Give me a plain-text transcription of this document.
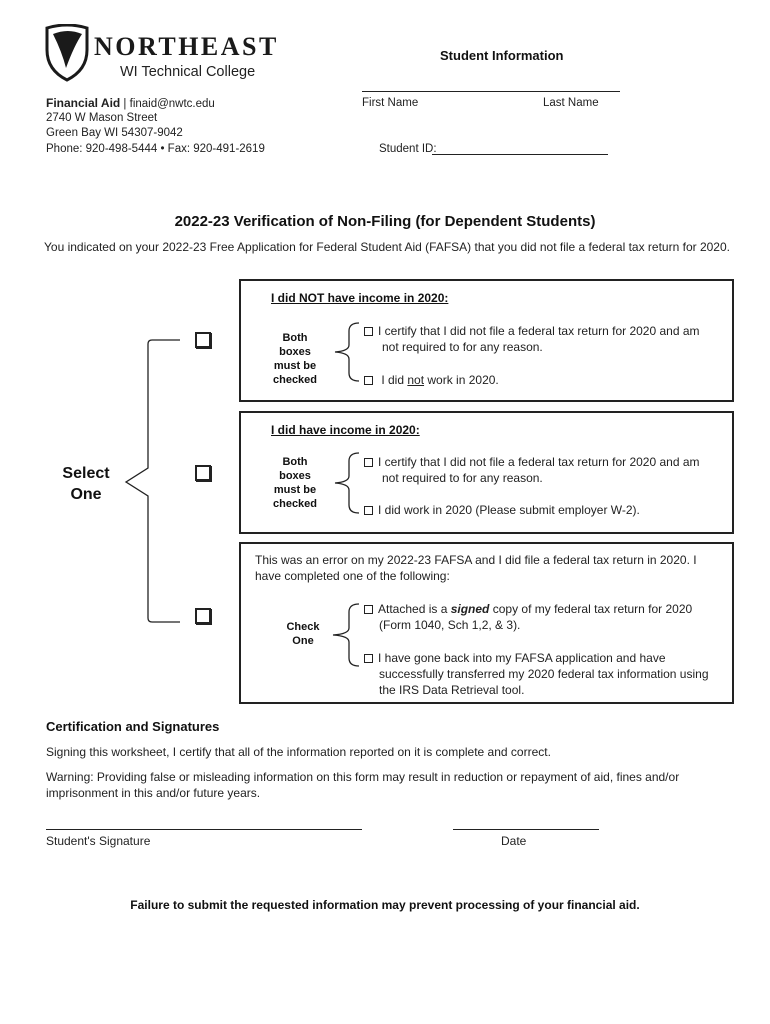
NORTHEAST
WI Technical College
Financial Aid | finaid@nwtc.edu
2740 W Mason Street
Green Bay WI 54307-9042
Phone: 920-498-5444 • Fax: 920-491-2619
Student Information
First Name	Last Name
Student ID:
2022-23 Verification of Non-Filing (for Dependent Students)
You indicated on your 2022-23 Free Application for Federal Student Aid (FAFSA) that you did not file a federal tax return for 2020.
Select
One
I did NOT have income in 2020:
Both
boxes
must be
checked
I certify that I did not file a federal tax return for 2020 and am not required to for any reason.
I did not work in 2020.
I did have income in 2020:
Both
boxes
must be
checked
I certify that I did not file a federal tax return for 2020 and am not required to for any reason.
I did work in 2020 (Please submit employer W-2).
This was an error on my 2022-23 FAFSA and I did file a federal tax return in 2020. I have completed one of the following:
Check
One
Attached is a signed copy of my federal tax return for 2020 (Form 1040, Sch 1,2, & 3).
I have gone back into my FAFSA application and have successfully transferred my 2020 federal tax information using the IRS Data Retrieval tool.
Certification and Signatures
Signing this worksheet, I certify that all of the information reported on it is complete and correct.
Warning: Providing false or misleading information on this form may result in reduction or repayment of aid, fines and/or imprisonment in this and/or future years.
Student's Signature	Date
Failure to submit the requested information may prevent processing of your financial aid.
